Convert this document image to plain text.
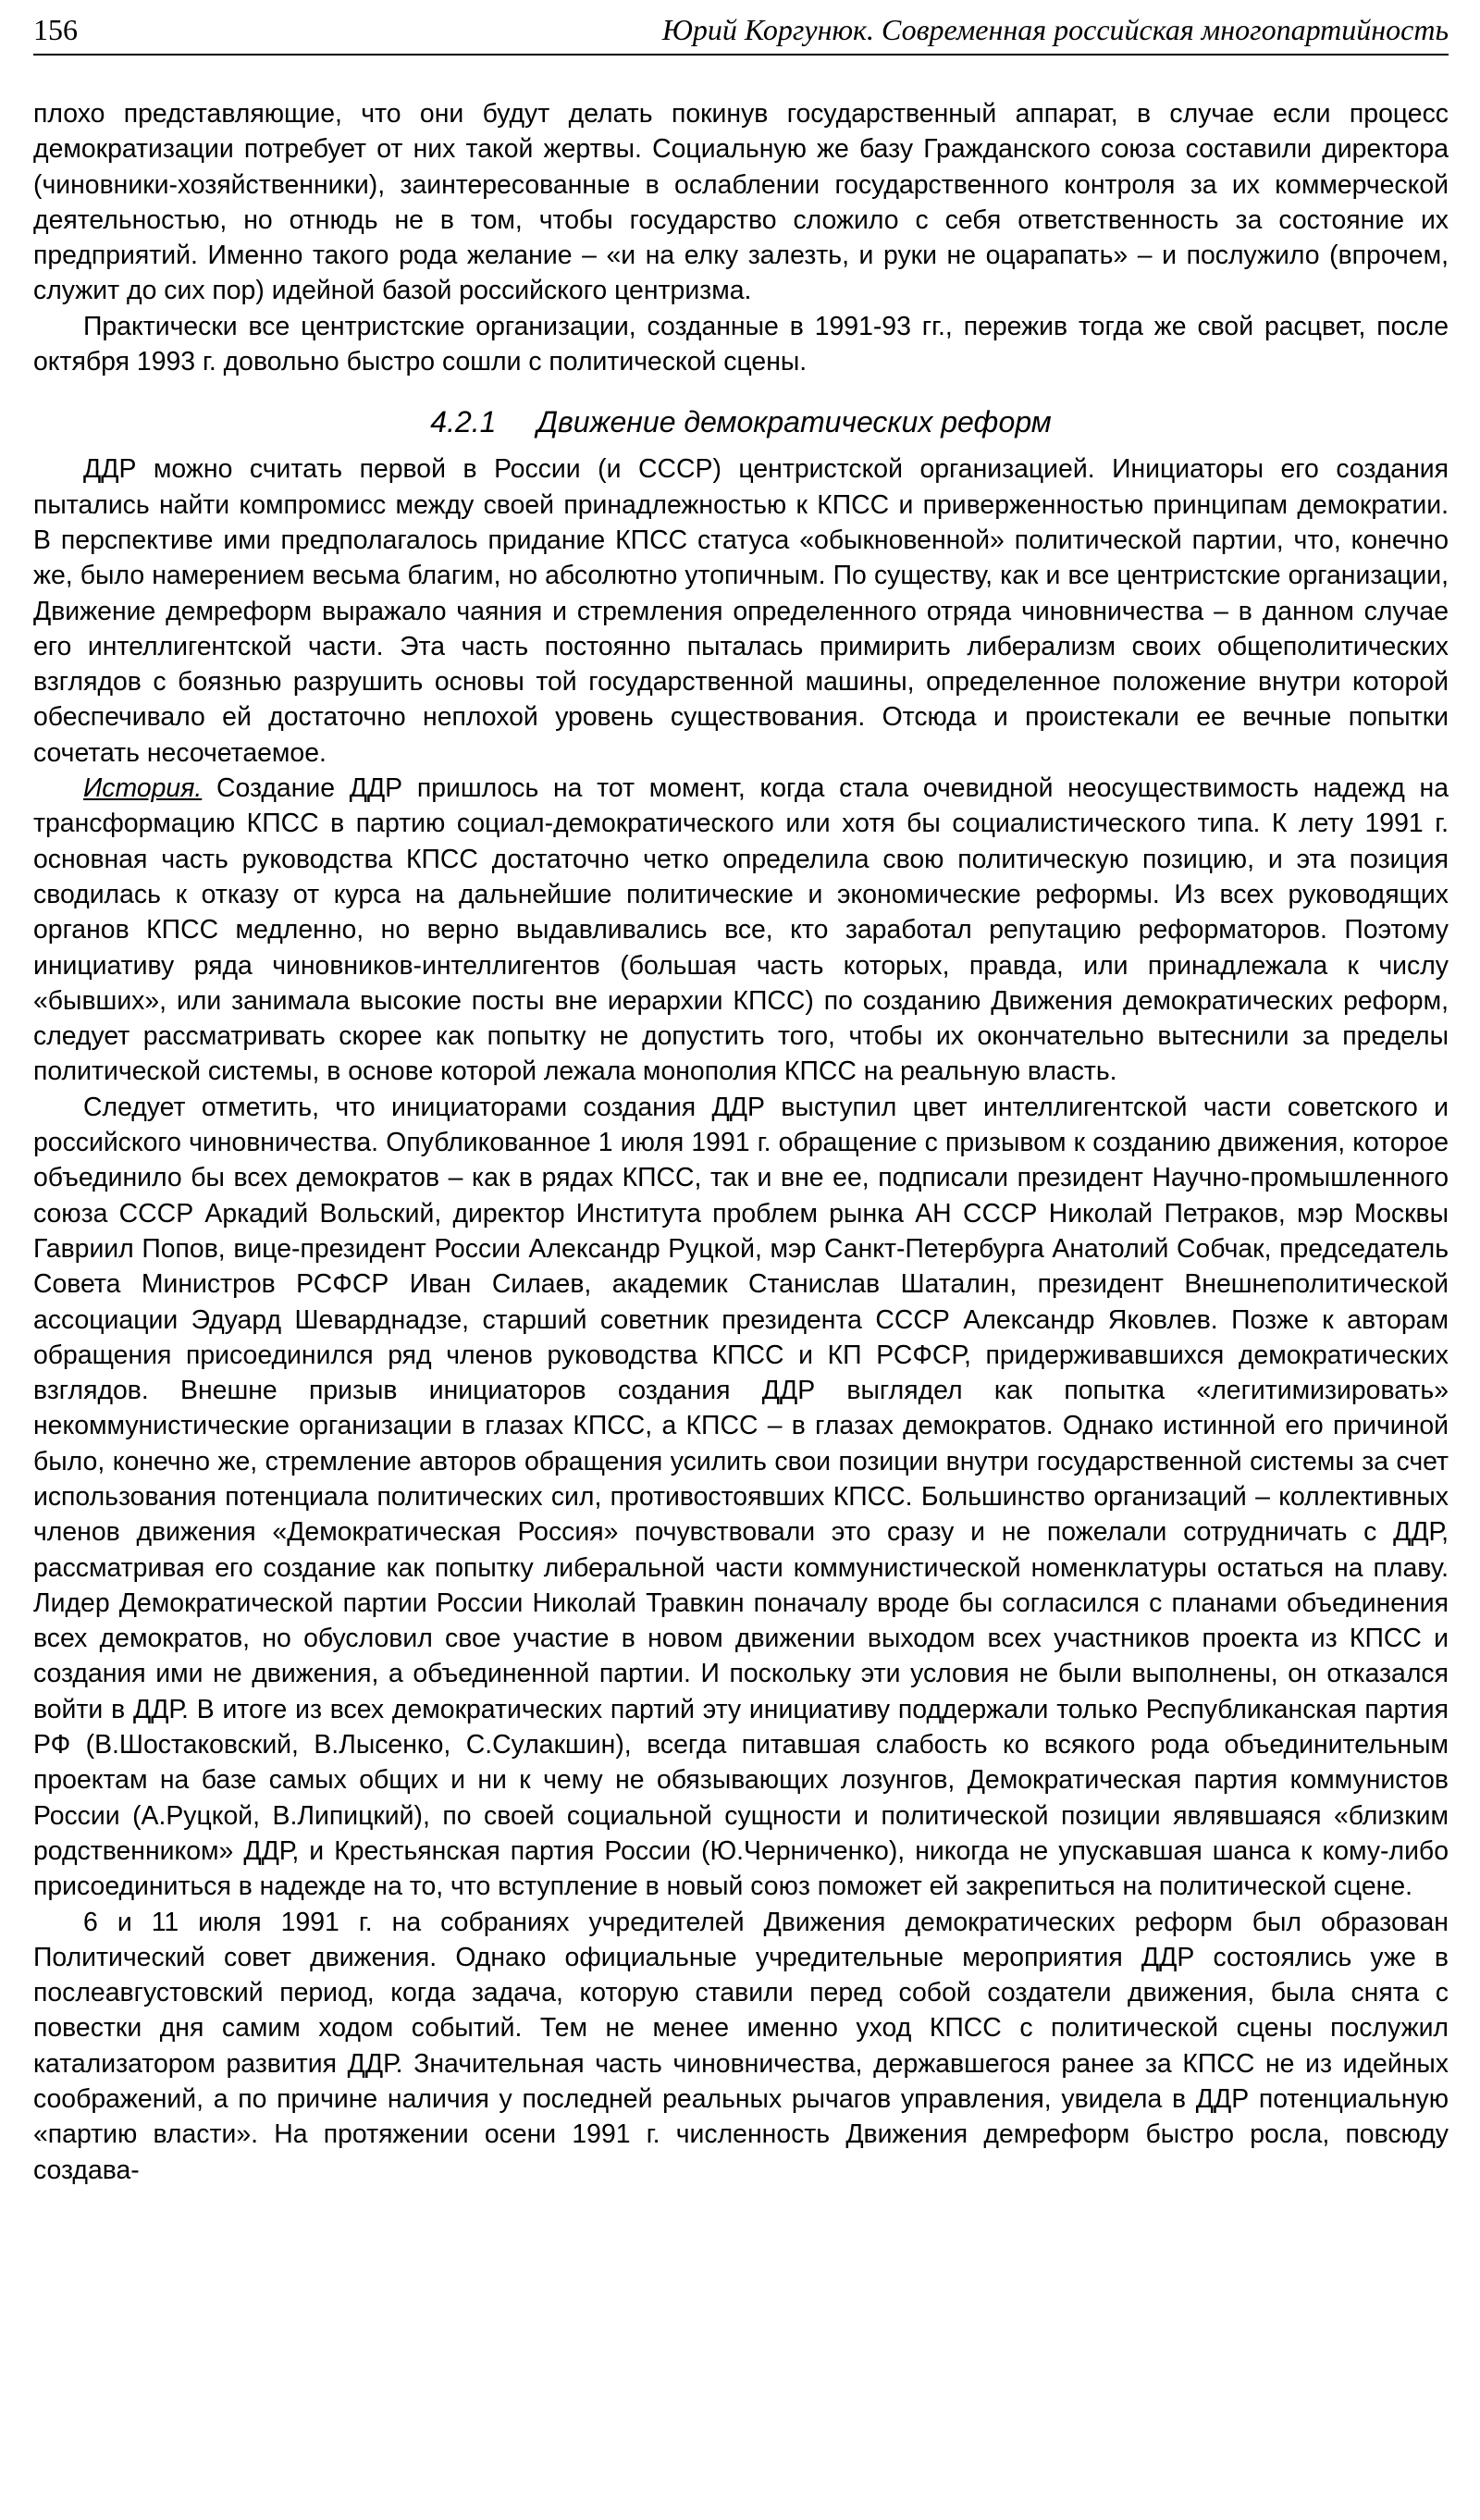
156	Юрий Коргунюк. Современная российская многопартийность

плохо представляющие, что они будут делать покинув государственный аппарат, в случае если процесс демократизации потребует от них такой жертвы. Социальную же базу Гражданского союза составили директора (чиновники-хозяйственники), заинтересованные в ослаблении государственного контроля за их коммерческой деятельностью, но отнюдь не в том, чтобы государство сложило с себя ответственность за состояние их предприятий. Именно такого рода желание – «и на елку залезть, и руки не оцарапать» – и послужило (впрочем, служит до сих пор) идейной базой российского центризма.

Практически все центристские организации, созданные в 1991-93 гг., пережив тогда же свой расцвет, после октября 1993 г. довольно быстро сошли с политической сцены.

4.2.1 Движение демократических реформ

ДДР можно считать первой в России (и СССР) центристской организацией. Инициаторы его создания пытались найти компромисс между своей принадлежностью к КПСС и приверженностью принципам демократии. В перспективе ими предполагалось придание КПСС статуса «обыкновенной» политической партии, что, конечно же, было намерением весьма благим, но абсолютно утопичным. По существу, как и все центристские организации, Движение демреформ выражало чаяния и стремления определенного отряда чиновничества – в данном случае его интеллигентской части. Эта часть постоянно пыталась примирить либерализм своих общеполитических взглядов с боязнью разрушить основы той государственной машины, определенное положение внутри которой обеспечивало ей достаточно неплохой уровень существования. Отсюда и проистекали ее вечные попытки сочетать несочетаемое.

История. Создание ДДР пришлось на тот момент, когда стала очевидной неосуществимость надежд на трансформацию КПСС в партию социал-демократического или хотя бы социалистического типа. К лету 1991 г. основная часть руководства КПСС достаточно четко определила свою политическую позицию, и эта позиция сводилась к отказу от курса на дальнейшие политические и экономические реформы. Из всех руководящих органов КПСС медленно, но верно выдавливались все, кто заработал репутацию реформаторов. Поэтому инициативу ряда чиновников-интеллигентов (большая часть которых, правда, или принадлежала к числу «бывших», или занимала высокие посты вне иерархии КПСС) по созданию Движения демократических реформ, следует рассматривать скорее как попытку не допустить того, чтобы их окончательно вытеснили за пределы политической системы, в основе которой лежала монополия КПСС на реальную власть.

Следует отметить, что инициаторами создания ДДР выступил цвет интеллигентской части советского и российского чиновничества. Опубликованное 1 июля 1991 г. обращение с призывом к созданию движения, которое объединило бы всех демократов – как в рядах КПСС, так и вне ее, подписали президент Научно-промышленного союза СССР Аркадий Вольский, директор Института проблем рынка АН СССР Николай Петраков, мэр Москвы Гавриил Попов, вице-президент России Александр Руцкой, мэр Санкт-Петербурга Анатолий Собчак, председатель Совета Министров РСФСР Иван Силаев, академик Станислав Шаталин, президент Внешнеполитической ассоциации Эдуард Шеварднадзе, старший советник президента СССР Александр Яковлев. Позже к авторам обращения присоединился ряд членов руководства КПСС и КП РСФСР, придерживавшихся демократических взглядов. Внешне призыв инициаторов создания ДДР выглядел как попытка «легитимизировать» некоммунистические организации в глазах КПСС, а КПСС – в глазах демократов. Однако истинной его причиной было, конечно же, стремление авторов обращения усилить свои позиции внутри государственной системы за счет использования потенциала политических сил, противостоявших КПСС. Большинство организаций – коллективных членов движения «Демократическая Россия» почувствовали это сразу и не пожелали сотрудничать с ДДР, рассматривая его создание как попытку либеральной части коммунистической номенклатуры остаться на плаву. Лидер Демократической партии России Николай Травкин поначалу вроде бы согласился с планами объединения всех демократов, но обусловил свое участие в новом движении выходом всех участников проекта из КПСС и создания ими не движения, а объединенной партии. И поскольку эти условия не были выполнены, он отказался войти в ДДР. В итоге из всех демократических партий эту инициативу поддержали только Республиканская партия РФ (В.Шостаковский, В.Лысенко, С.Сулакшин), всегда питавшая слабость ко всякого рода объединительным проектам на базе самых общих и ни к чему не обязывающих лозунгов, Демократическая партия коммунистов России (А.Руцкой, В.Липицкий), по своей социальной сущности и политической позиции являвшаяся «близким родственником» ДДР, и Крестьянская партия России (Ю.Черниченко), никогда не упускавшая шанса к кому-либо присоединиться в надежде на то, что вступление в новый союз поможет ей закрепиться на политической сцене.

6 и 11 июля 1991 г. на собраниях учредителей Движения демократических реформ был образован Политический совет движения. Однако официальные учредительные мероприятия ДДР состоялись уже в послеавгустовский период, когда задача, которую ставили перед собой создатели движения, была снята с повестки дня самим ходом событий. Тем не менее именно уход КПСС с политической сцены послужил катализатором развития ДДР. Значительная часть чиновничества, державшегося ранее за КПСС не из идейных соображений, а по причине наличия у последней реальных рычагов управления, увидела в ДДР потенциальную «партию власти». На протяжении осени 1991 г. численность Движения демреформ быстро росла, повсюду создава-
